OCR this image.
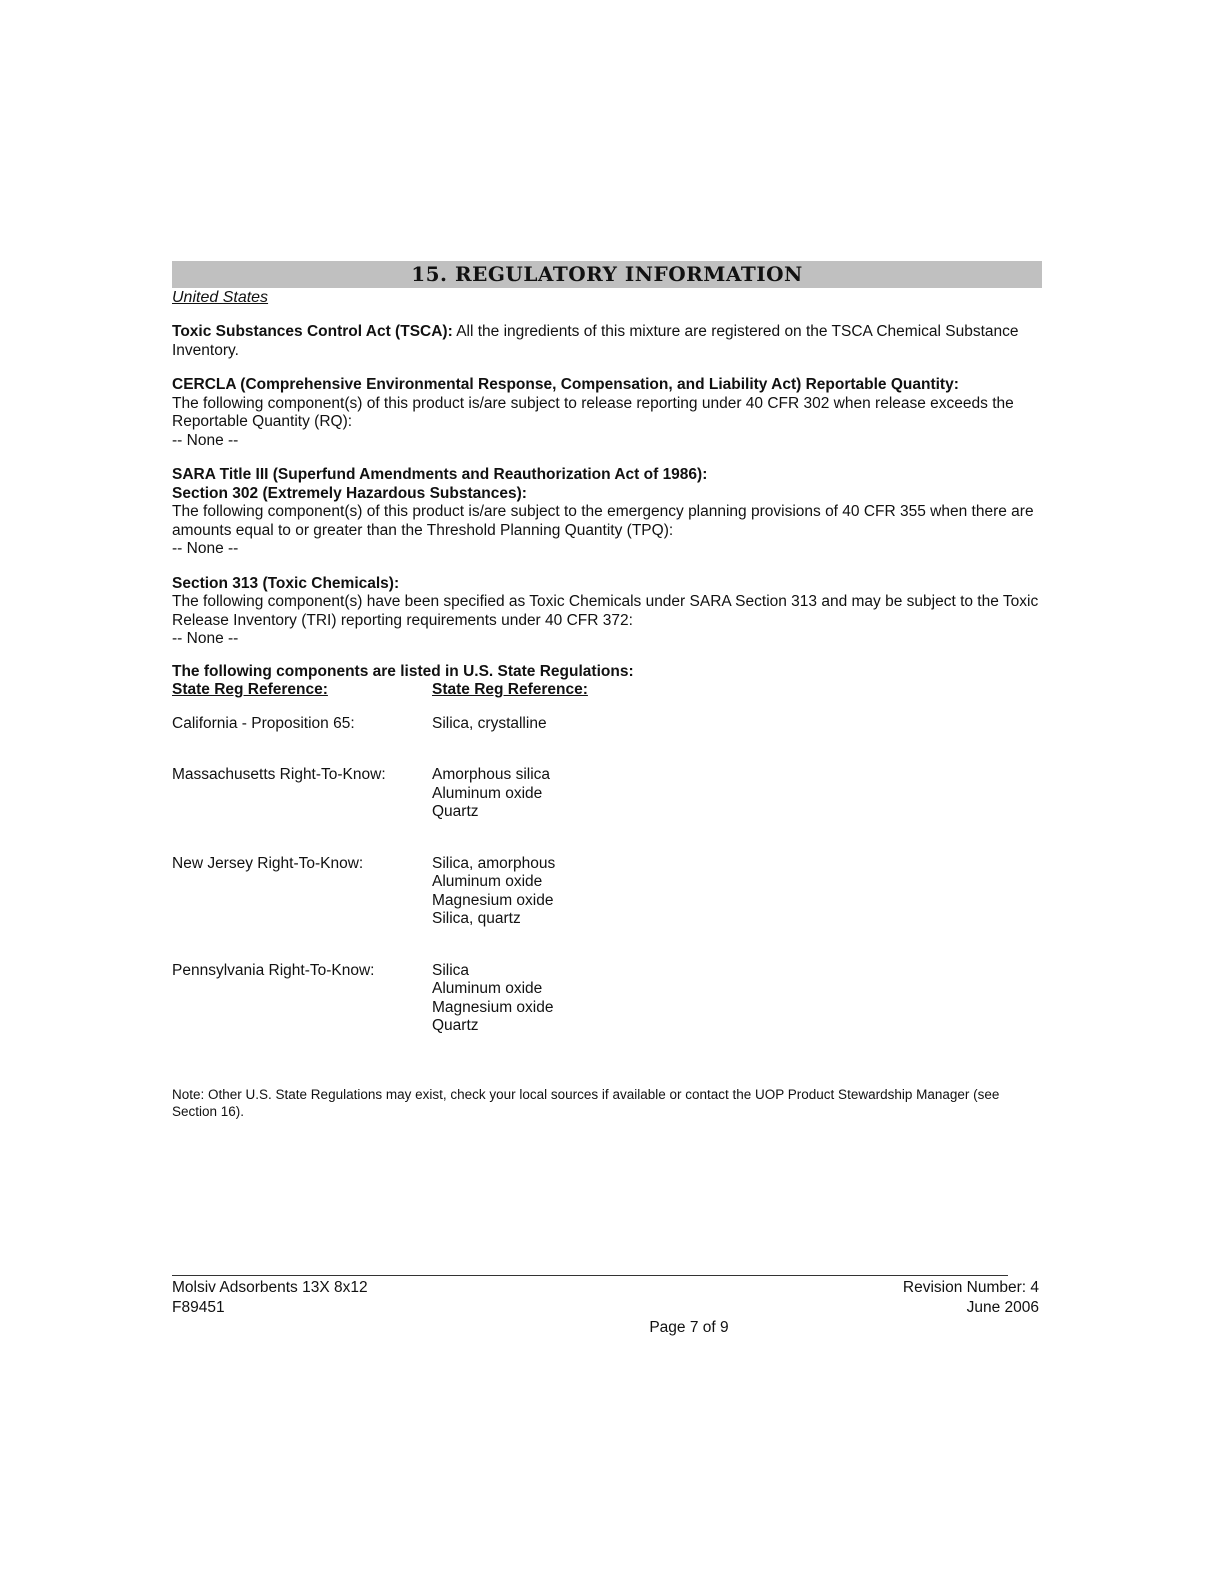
15. REGULATORY INFORMATION
United States
Toxic Substances Control Act (TSCA): All the ingredients of this mixture are registered on the TSCA Chemical Substance Inventory.
CERCLA (Comprehensive Environmental Response, Compensation, and Liability Act) Reportable Quantity:
The following component(s) of this product is/are subject to release reporting under 40 CFR 302 when release exceeds the Reportable Quantity (RQ):
-- None --
SARA Title III (Superfund Amendments and Reauthorization Act of 1986):
Section 302 (Extremely Hazardous Substances):
The following component(s) of this product is/are subject to the emergency planning provisions of 40 CFR 355 when there are amounts equal to or greater than the Threshold Planning Quantity (TPQ):
-- None --
Section 313 (Toxic Chemicals):
The following component(s) have been specified as Toxic Chemicals under SARA Section 313 and may be subject to the Toxic Release Inventory (TRI) reporting requirements under 40 CFR 372:
-- None --
The following components are listed in U.S. State Regulations:
State Reg Reference:	State Reg Reference:
California - Proposition 65:	Silica, crystalline
Massachusetts Right-To-Know:	Amorphous silica
Aluminum oxide
Quartz
New Jersey Right-To-Know:	Silica, amorphous
Aluminum oxide
Magnesium oxide
Silica, quartz
Pennsylvania Right-To-Know:	Silica
Aluminum oxide
Magnesium oxide
Quartz
Note: Other U.S. State Regulations may exist, check your local sources if available or contact the UOP Product Stewardship Manager (see Section 16).
Molsiv Adsorbents 13X 8x12
F89451
Revision Number: 4
June 2006
Page 7 of 9
